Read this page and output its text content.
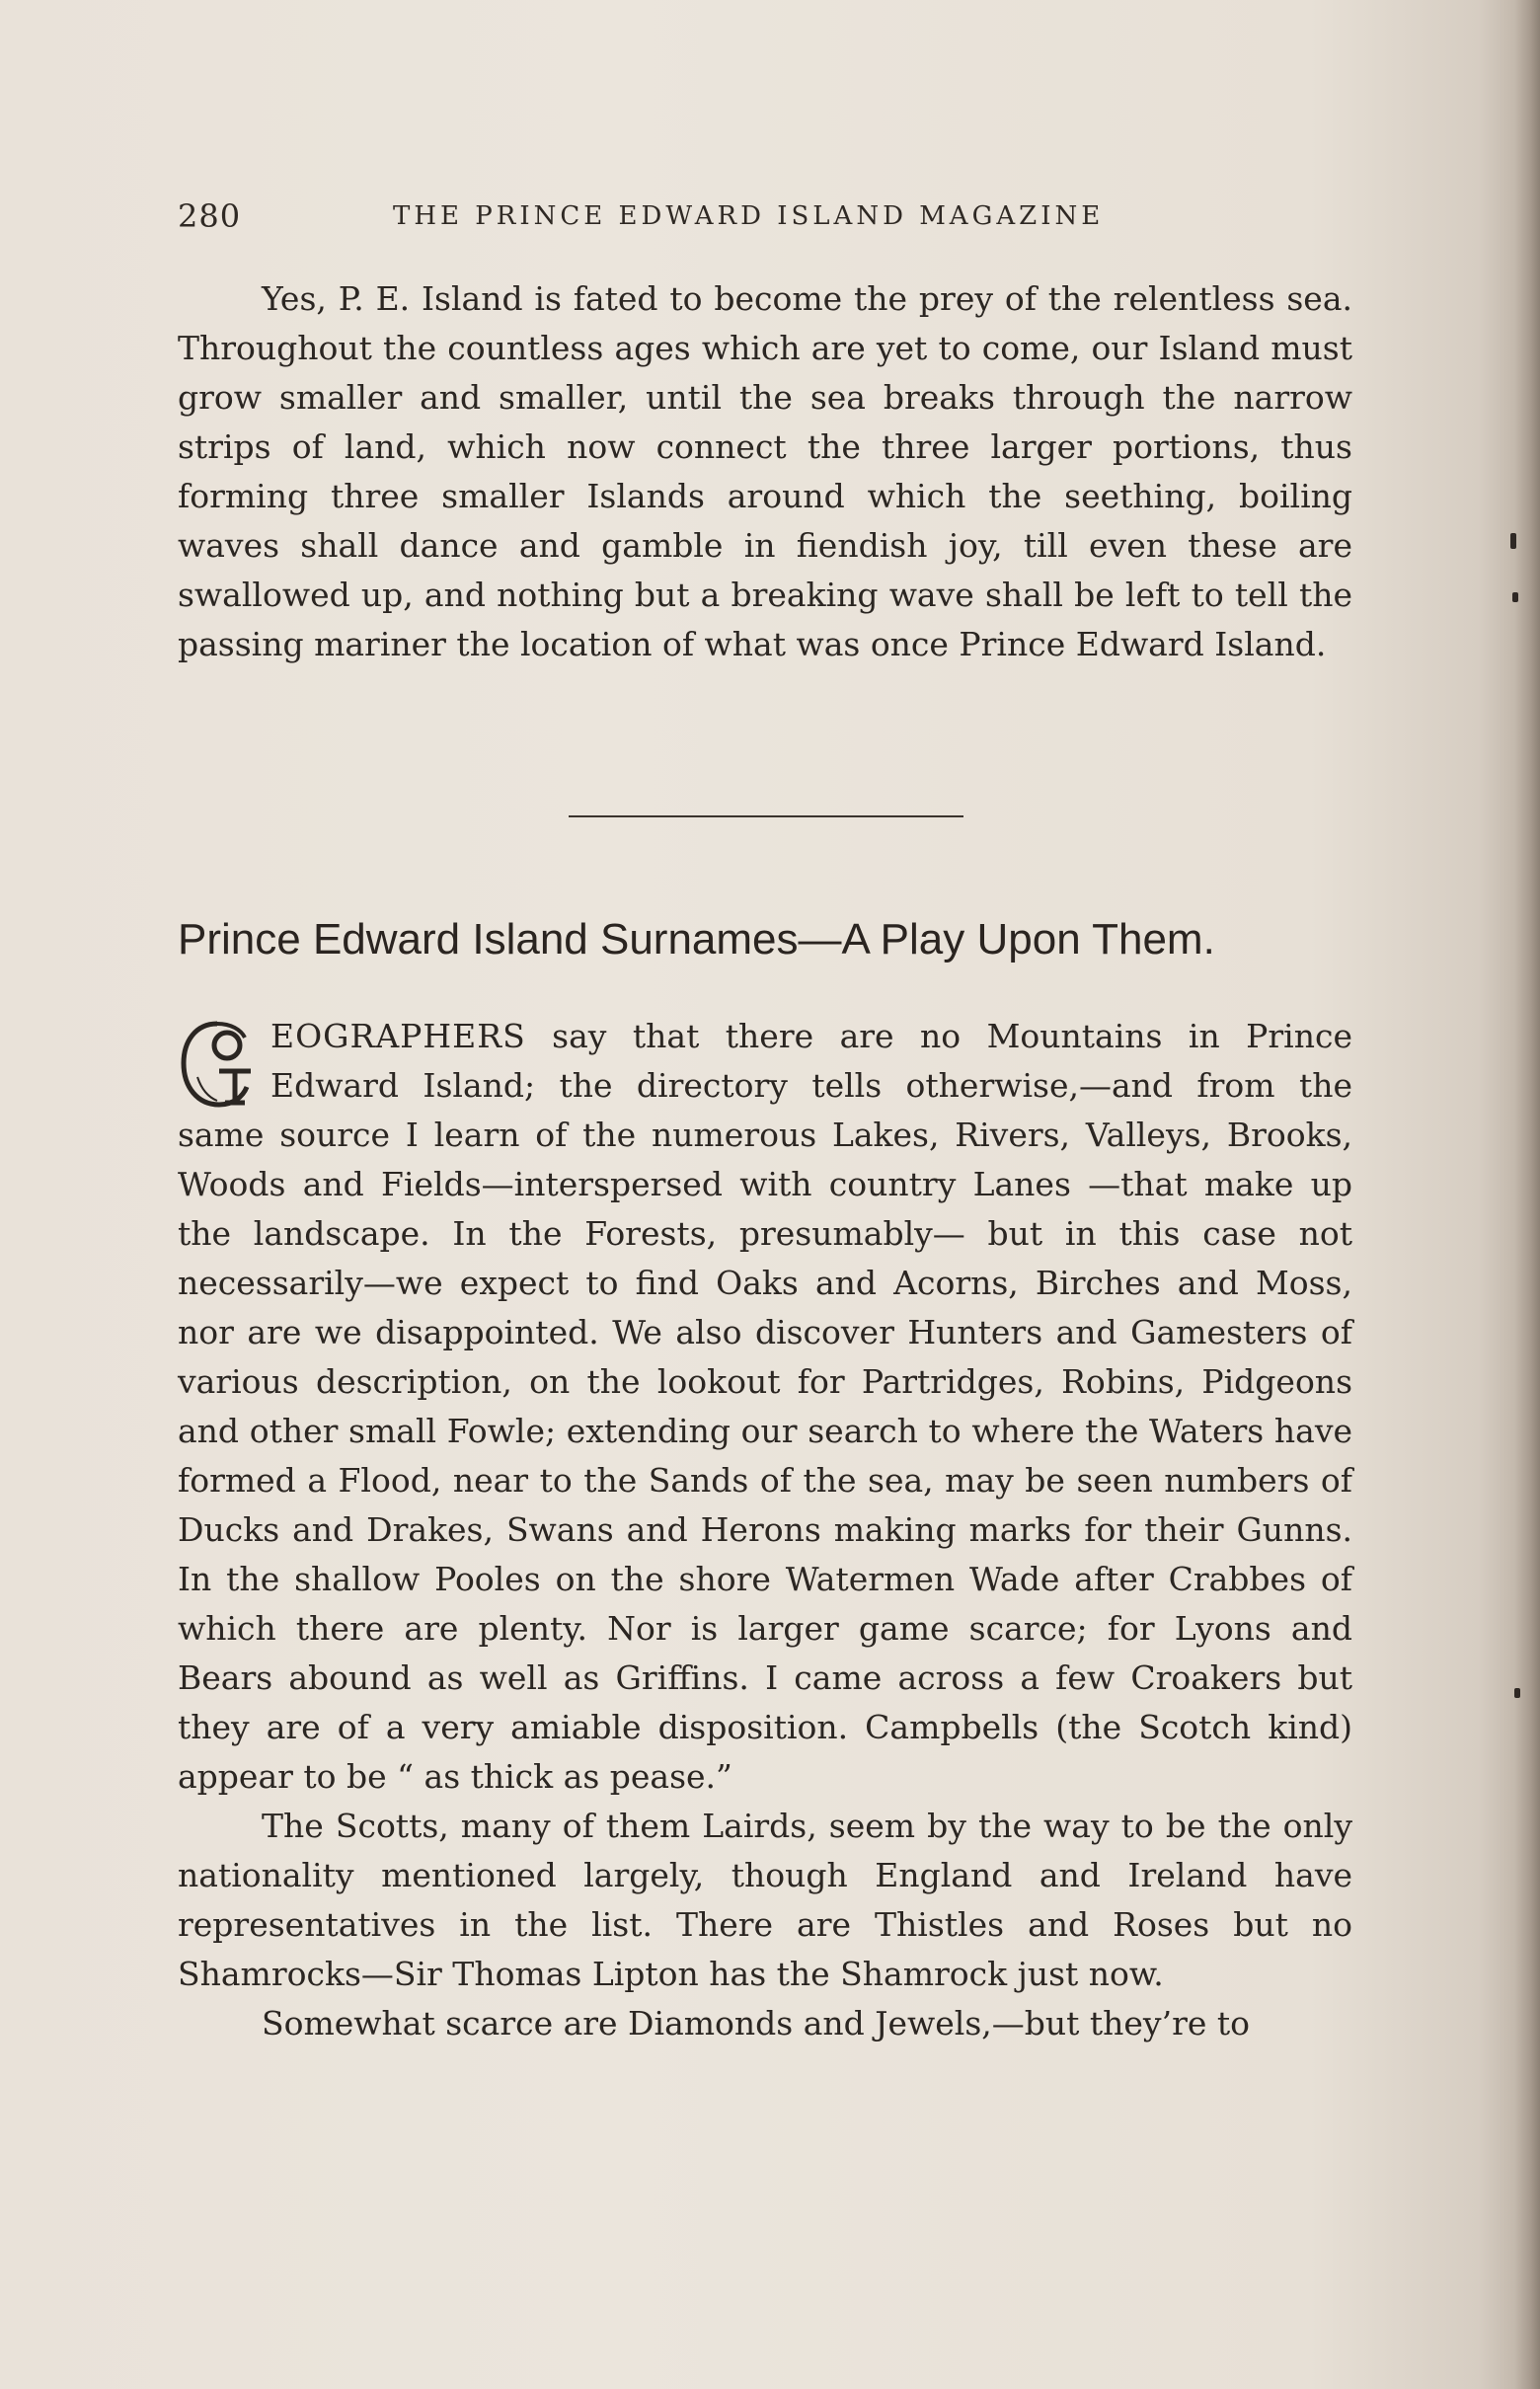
280	THE PRINCE EDWARD ISLAND MAGAZINE

Yes, P. E. Island is fated to become the prey of the relentless sea. Throughout the countless ages which are yet to come, our Island must grow smaller and smaller, until the sea breaks through the narrow strips of land, which now connect the three larger portions, thus forming three smaller Islands around which the seething, boiling waves shall dance and gamble in fiendish joy, till even these are swallowed up, and nothing but a breaking wave shall be left to tell the passing mariner the location of what was once Prince Edward Island.

Prince Edward Island Surnames—A Play Upon Them.

EOGRAPHERS say that there are no Mountains in Prince Edward Island; the directory tells otherwise,—and from the same source I learn of the numerous Lakes, Rivers, Valleys, Brooks, Woods and Fields—interspersed with country Lanes —that make up the landscape. In the Forests, presumably— but in this case not necessarily—we expect to find Oaks and Acorns, Birches and Moss, nor are we disappointed. We also discover Hunters and Gamesters of various description, on the lookout for Partridges, Robins, Pidgeons and other small Fowle; extending our search to where the Waters have formed a Flood, near to the Sands of the sea, may be seen numbers of Ducks and Drakes, Swans and Herons making marks for their Gunns. In the shallow Pooles on the shore Watermen Wade after Crabbes of which there are plenty. Nor is larger game scarce; for Lyons and Bears abound as well as Griffins. I came across a few Croakers but they are of a very amiable disposition. Campbells (the Scotch kind) appear to be “ as thick as pease.”

The Scotts, many of them Lairds, seem by the way to be the only nationality mentioned largely, though England and Ireland have representatives in the list. There are Thistles and Roses but no Shamrocks—Sir Thomas Lipton has the Shamrock just now.

Somewhat scarce are Diamonds and Jewels,—but they’re to
